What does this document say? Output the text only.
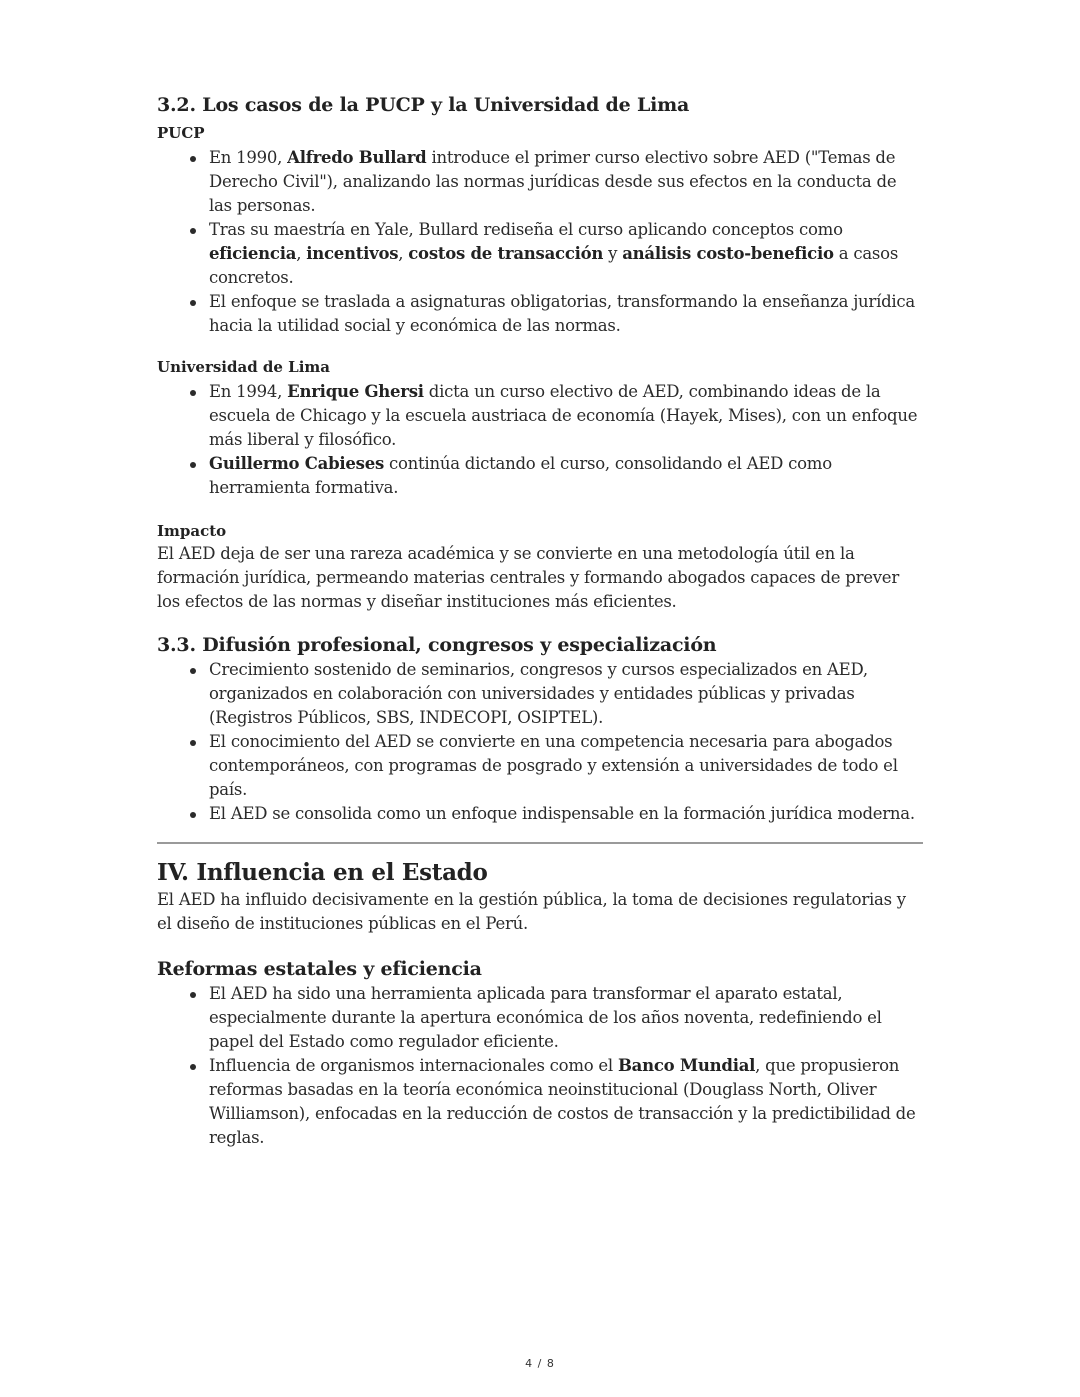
3.2. Los casos de la PUCP y la Universidad de Lima
PUCP
En 1990, Alfredo Bullard introduce el primer curso electivo sobre AED ("Temas de Derecho Civil"), analizando las normas jurídicas desde sus efectos en la conducta de las personas.
Tras su maestría en Yale, Bullard rediseña el curso aplicando conceptos como eficiencia, incentivos, costos de transacción y análisis costo-beneficio a casos concretos.
El enfoque se traslada a asignaturas obligatorias, transformando la enseñanza jurídica hacia la utilidad social y económica de las normas.
Universidad de Lima
En 1994, Enrique Ghersi dicta un curso electivo de AED, combinando ideas de la escuela de Chicago y la escuela austriaca de economía (Hayek, Mises), con un enfoque más liberal y filosófico.
Guillermo Cabieses continúa dictando el curso, consolidando el AED como herramienta formativa.
Impacto

El AED deja de ser una rareza académica y se convierte en una metodología útil en la formación jurídica, permeando materias centrales y formando abogados capaces de prever los efectos de las normas y diseñar instituciones más eficientes.

3.3. Difusión profesional, congresos y especialización
Crecimiento sostenido de seminarios, congresos y cursos especializados en AED, organizados en colaboración con universidades y entidades públicas y privadas (Registros Públicos, SBS, INDECOPI, OSIPTEL).
El conocimiento del AED se convierte en una competencia necesaria para abogados contemporáneos, con programas de posgrado y extensión a universidades de todo el país.
El AED se consolida como un enfoque indispensable en la formación jurídica moderna.
IV. Influencia en el Estado

El AED ha influido decisivamente en la gestión pública, la toma de decisiones regulatorias y el diseño de instituciones públicas en el Perú.

Reformas estatales y eficiencia
El AED ha sido una herramienta aplicada para transformar el aparato estatal, especialmente durante la apertura económica de los años noventa, redefiniendo el papel del Estado como regulador eficiente.
Influencia de organismos internacionales como el Banco Mundial, que propusieron reformas basadas en la teoría económica neoinstitucional (Douglass North, Oliver Williamson), enfocadas en la reducción de costos de transacción y la predictibilidad de reglas.
4 / 8
